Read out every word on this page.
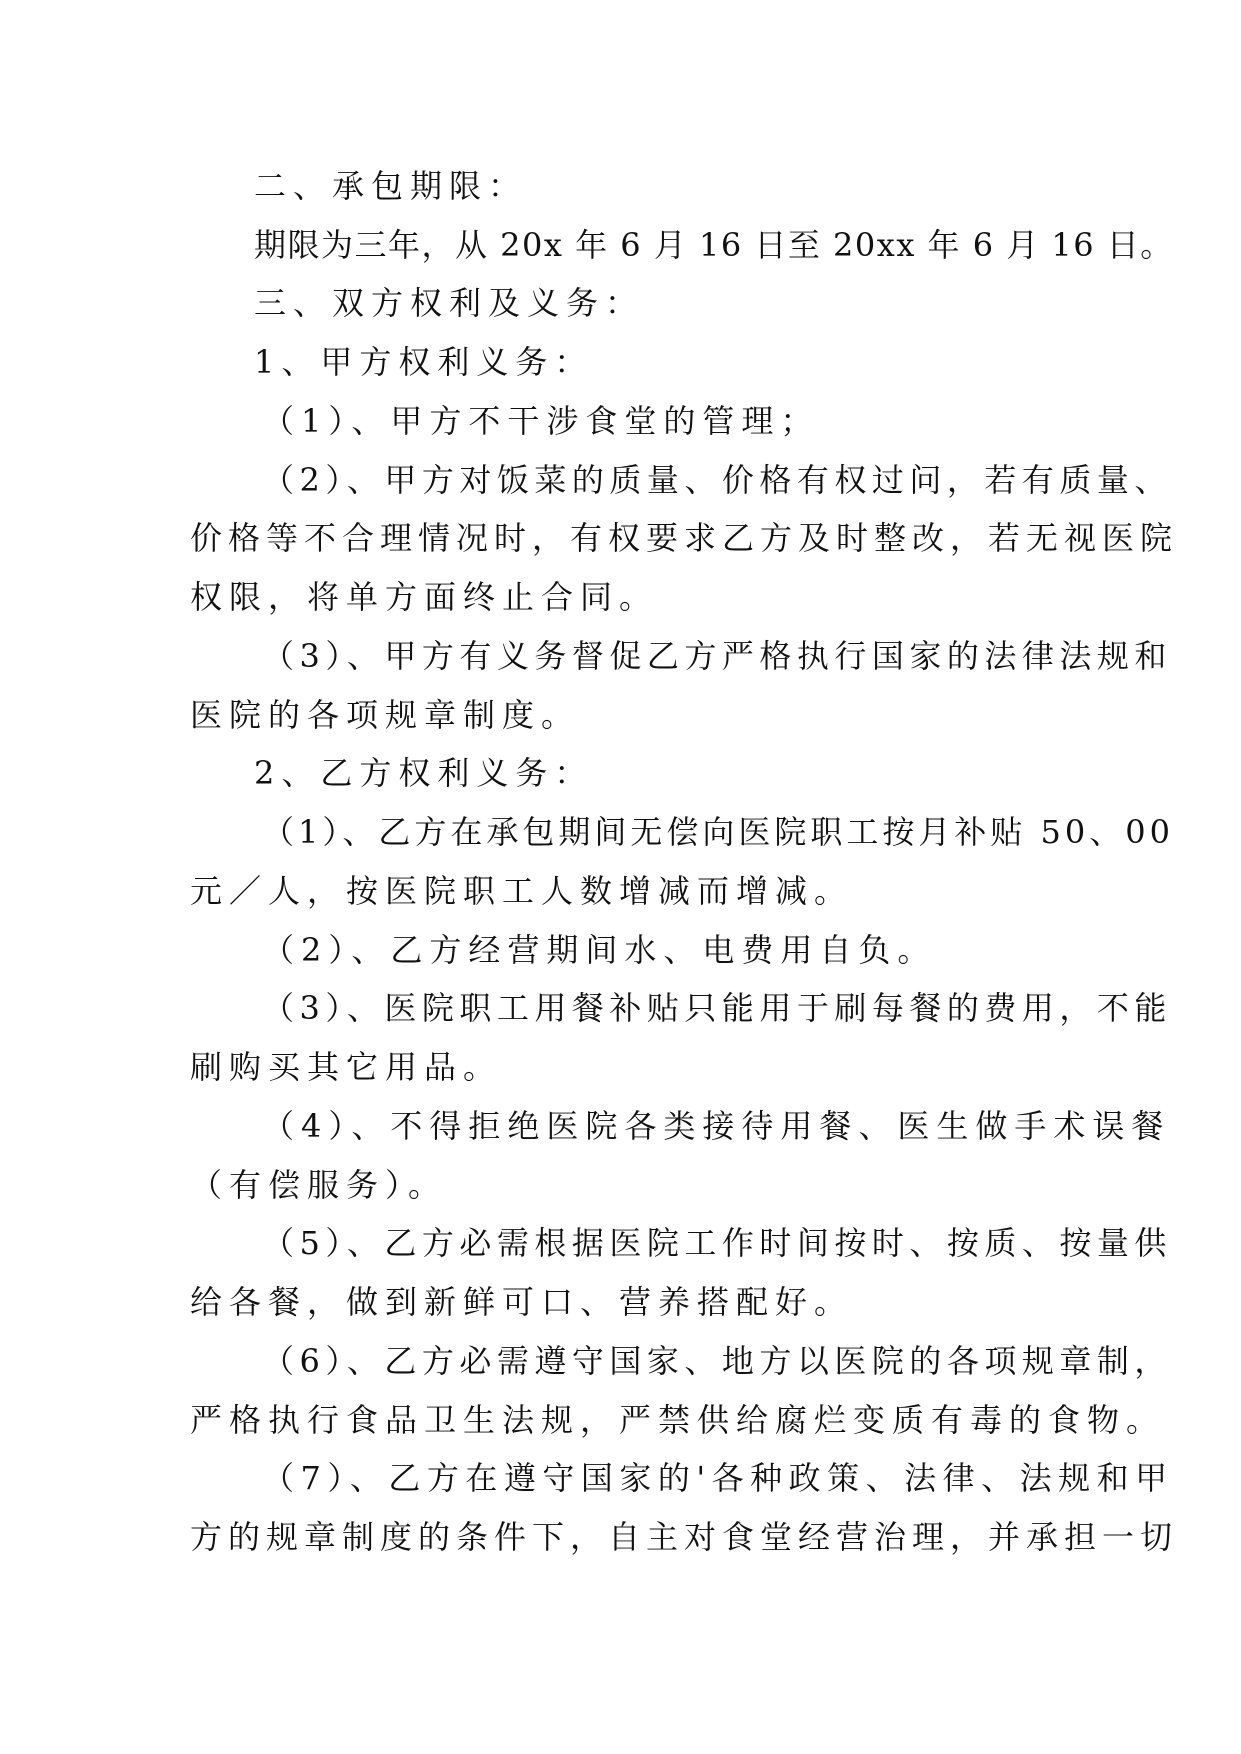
二、承包期限：
期限为三年，从 20x 年 6 月 16 日至 20xx 年 6 月 16 日。
三、双方权利及义务：
1、甲方权利义务：
（1）、甲方不干涉食堂的管理；
（2）、甲方对饭菜的质量、价格有权过问，若有质量、
价格等不合理情况时，有权要求乙方及时整改，若无视医院
权限，将单方面终止合同。
（3）、甲方有义务督促乙方严格执行国家的法律法规和
医院的各项规章制度。
2、乙方权利义务：
（1）、乙方在承包期间无偿向医院职工按月补贴 50、00
元／人，按医院职工人数增减而增减。
（2）、乙方经营期间水、电费用自负。
（3）、医院职工用餐补贴只能用于刷每餐的费用，不能
刷购买其它用品。
（4）、不得拒绝医院各类接待用餐、医生做手术误餐
（有偿服务）。
（5）、乙方必需根据医院工作时间按时、按质、按量供
给各餐，做到新鲜可口、营养搭配好。
（6）、乙方必需遵守国家、地方以医院的各项规章制，
严格执行食品卫生法规，严禁供给腐烂变质有毒的食物。
（7）、乙方在遵守国家的'各种政策、法律、法规和甲
方的规章制度的条件下，自主对食堂经营治理，并承担一切
